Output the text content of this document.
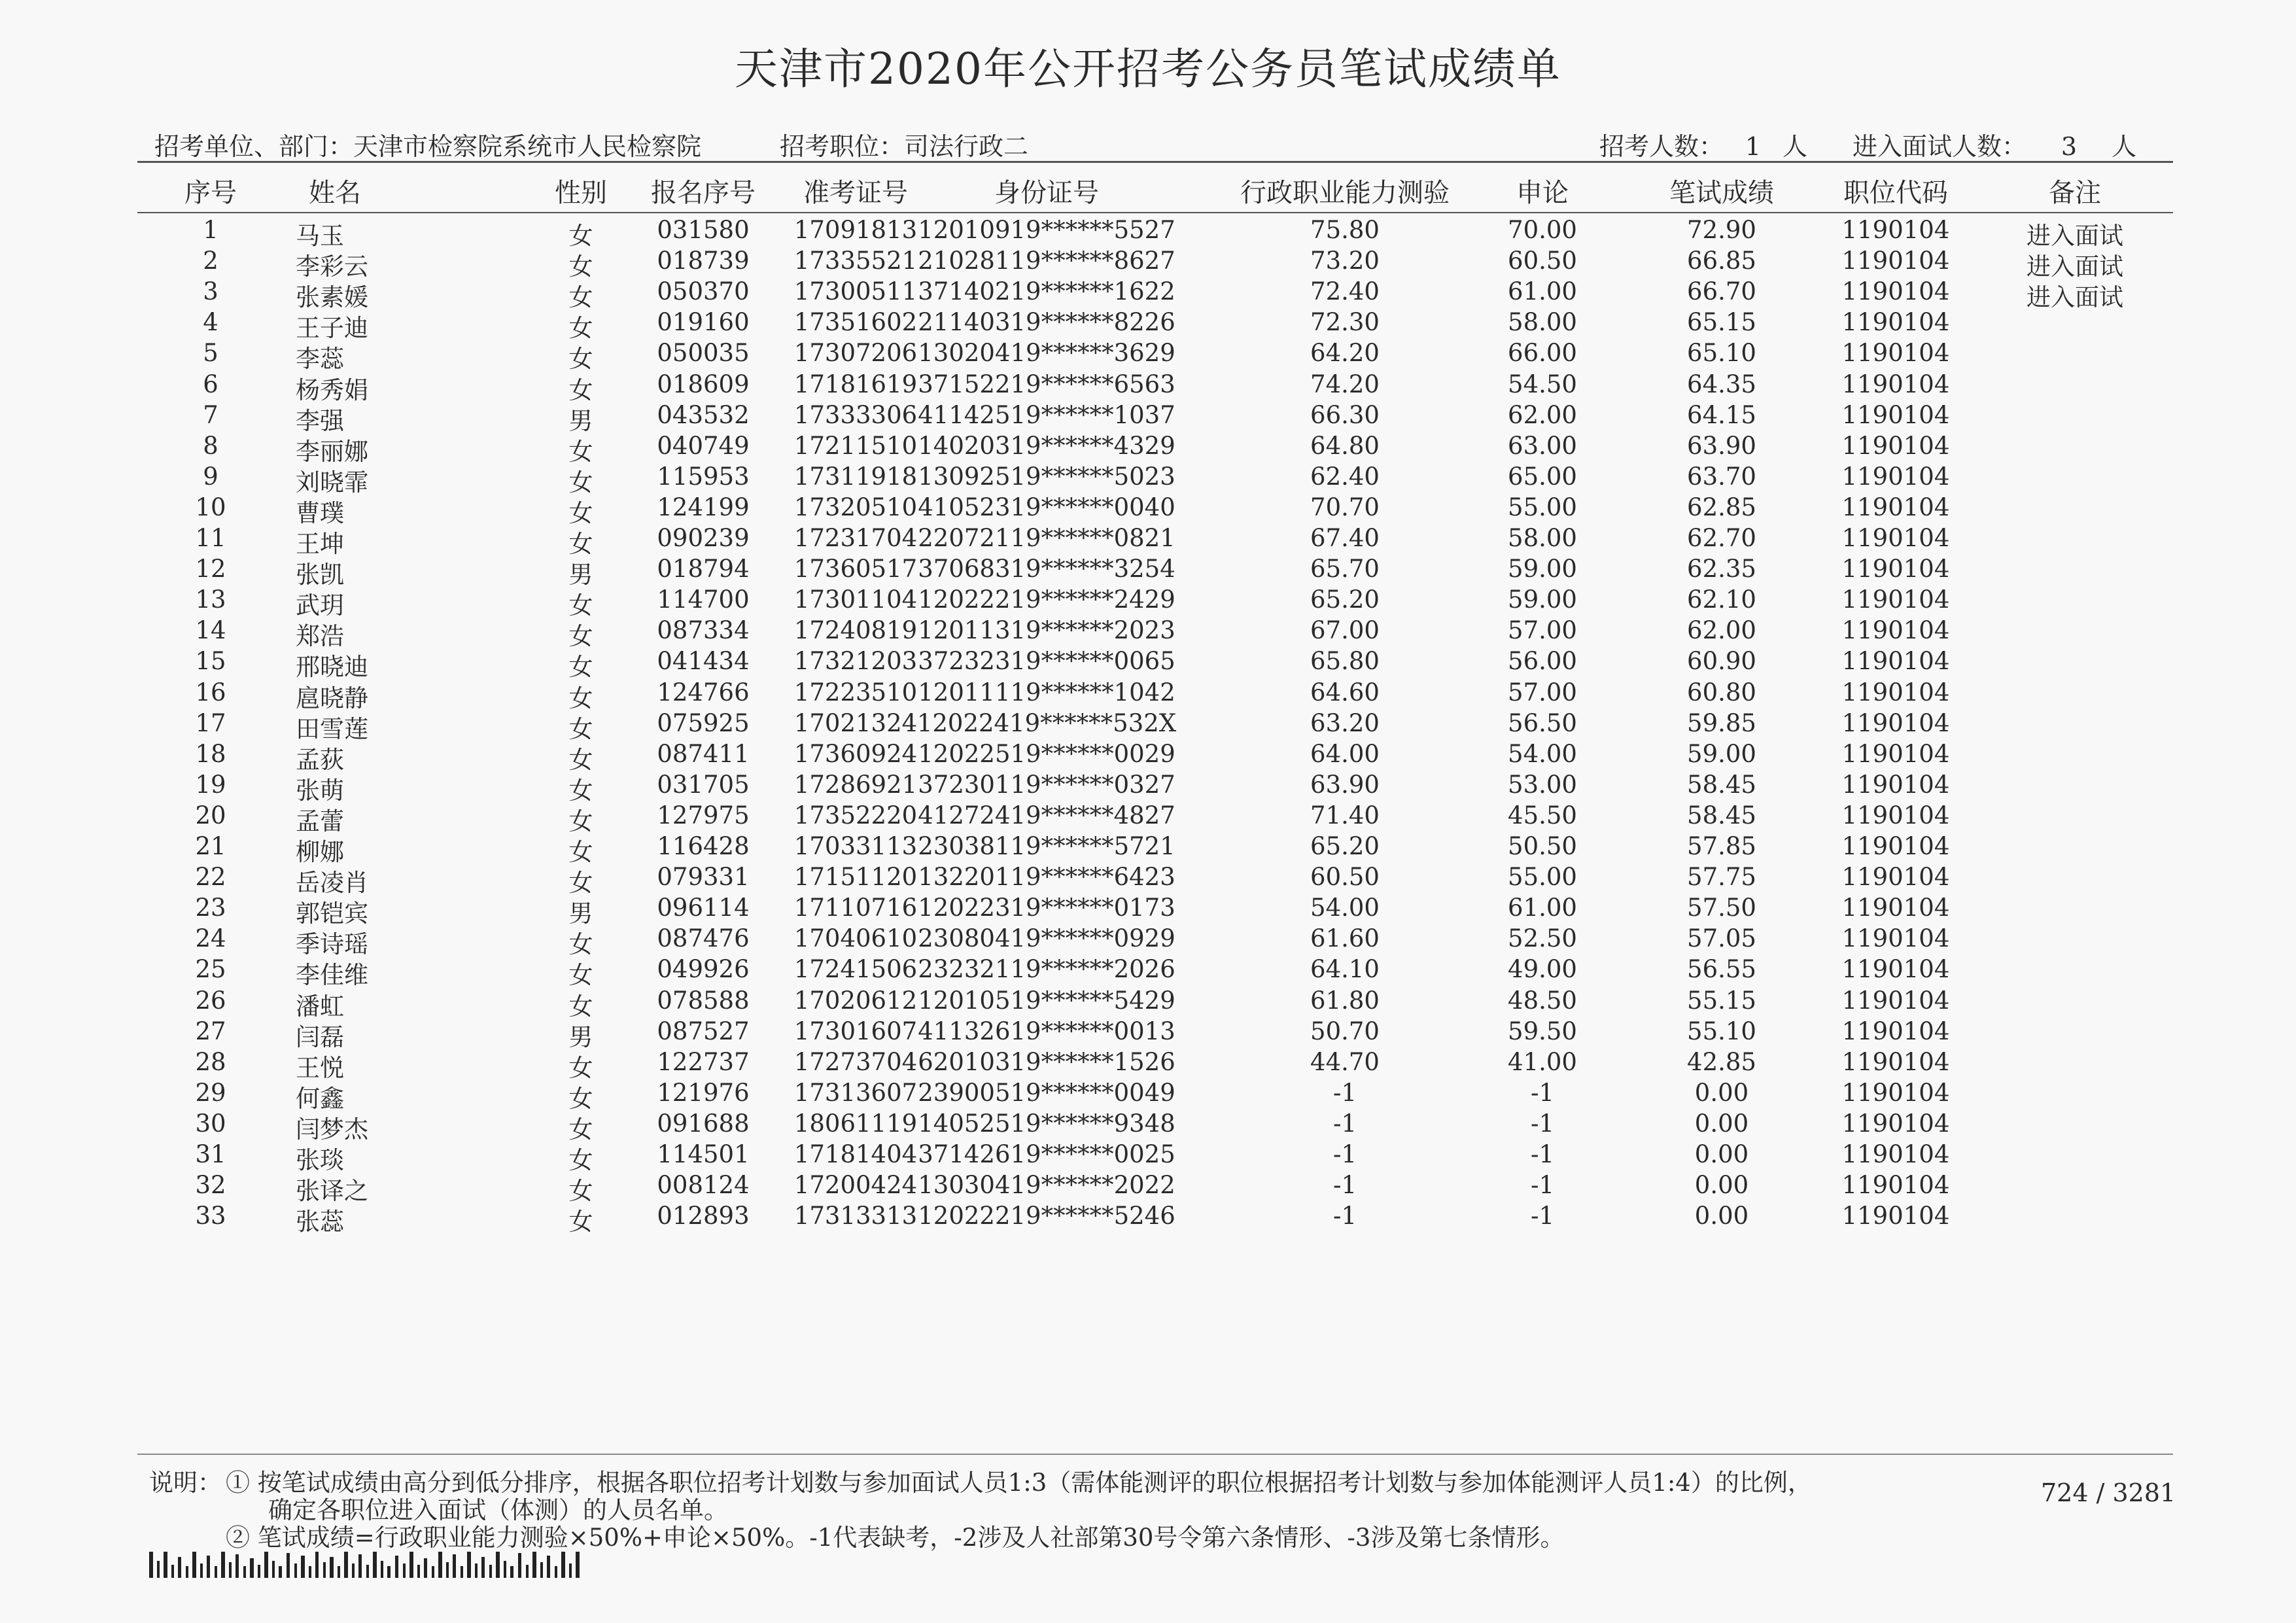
天津市2020年公开招考公务员笔试成绩单
招考单位、部门：天津市检察院系统市人民检察院	招考职位：司法行政二	招考人数： 1 人 进入面试人数： 3 人
序号	姓名	性别 报名序号 准考证号	身份证号	行政职业能力测验	申论	笔试成绩	职位代码	备注
1	马玉	女	031580 17091813 12010919******5527	75.80	70.00	72.90	1190104	进入面试
2	李彩云	女	018739 17335521 21028119******8627	73.20	60.50	66.85	1190104	进入面试
3	张素媛	女	050370 17300511 37140219******1622	72.40	61.00	66.70	1190104	进入面试
4	王子迪	女	019160 17351602 21140319******8226	72.30	58.00	65.15	1190104
5	李蕊	女	050035 17307206 13020419******3629	64.20	66.00	65.10	1190104
6	杨秀娟	女	018609 17181619 37152219******6563	74.20	54.50	64.35	1190104
7	李强	男	043532 17333306 41142519******1037	66.30	62.00	64.15	1190104
8	李丽娜	女	040749 17211510 14020319******4329	64.80	63.00	63.90	1190104
9	刘晓霏	女	115953 17311918 13092519******5023	62.40	65.00	63.70	1190104
10	曹璞	女	124199 17320510 41052319******0040	70.70	55.00	62.85	1190104
11	王坤	女	090239 17231704 22072119******0821	67.40	58.00	62.70	1190104
12	张凯	男	018794 17360517 37068319******3254	65.70	59.00	62.35	1190104
13	武玥	女	114700 17301104 12022219******2429	65.20	59.00	62.10	1190104
14	郑浩	女	087334 17240819 12011319******2023	67.00	57.00	62.00	1190104
15	邢晓迪	女	041434 17321203 37232319******0065	65.80	56.00	60.90	1190104
16	扈晓静	女	124766 17223510 12011119******1042	64.60	57.00	60.80	1190104
17	田雪莲	女	075925 17021324 12022419******532X	63.20	56.50	59.85	1190104
18	孟荻	女	087411 17360924 12022519******0029	64.00	54.00	59.00	1190104
19	张萌	女	031705 17286921 37230119******0327	63.90	53.00	58.45	1190104
20	孟蕾	女	127975 17352220 41272419******4827	71.40	45.50	58.45	1190104
21	柳娜	女	116428 17033113 23038119******5721	65.20	50.50	57.85	1190104
22	岳凌肖	女	079331 17151120 13220119******6423	60.50	55.00	57.75	1190104
23	郭铠宾	男	096114 17110716 12022319******0173	54.00	61.00	57.50	1190104
24	季诗瑶	女	087476 17040610 23080419******0929	61.60	52.50	57.05	1190104
25	李佳维	女	049926 17241506 23232119******2026	64.10	49.00	56.55	1190104
26	潘虹	女	078588 17020612 12010519******5429	61.80	48.50	55.15	1190104
27	闫磊	男	087527 17301607 41132619******0013	50.70	59.50	55.10	1190104
28	王悦	女	122737 17273704 62010319******1526	44.70	41.00	42.85	1190104
29	何鑫	女	121976 17313607 23900519******0049	-1	-1	0.00	1190104
30	闫梦杰	女	091688 18061119 14052519******9348	-1	-1	0.00	1190104
31	张琰	女	114501 17181404 37142619******0025	-1	-1	0.00	1190104
32	张译之	女	008124 17200424 13030419******2022	-1	-1	0.00	1190104
33	张蕊	女	012893 17313313 12022219******5246	-1	-1	0.00	1190104
说明： ① 按笔试成绩由高分到低分排序，根据各职位招考计划数与参加面试人员1:3（需体能测评的职位根据招考计划数与参加体能测评人员1:4）的比例，
确定各职位进入面试（体测）的人员名单。
② 笔试成绩=行政职业能力测验×50%+申论×50%。-1代表缺考，-2涉及人社部第30号令第六条情形、-3涉及第七条情形。
724 / 3281
